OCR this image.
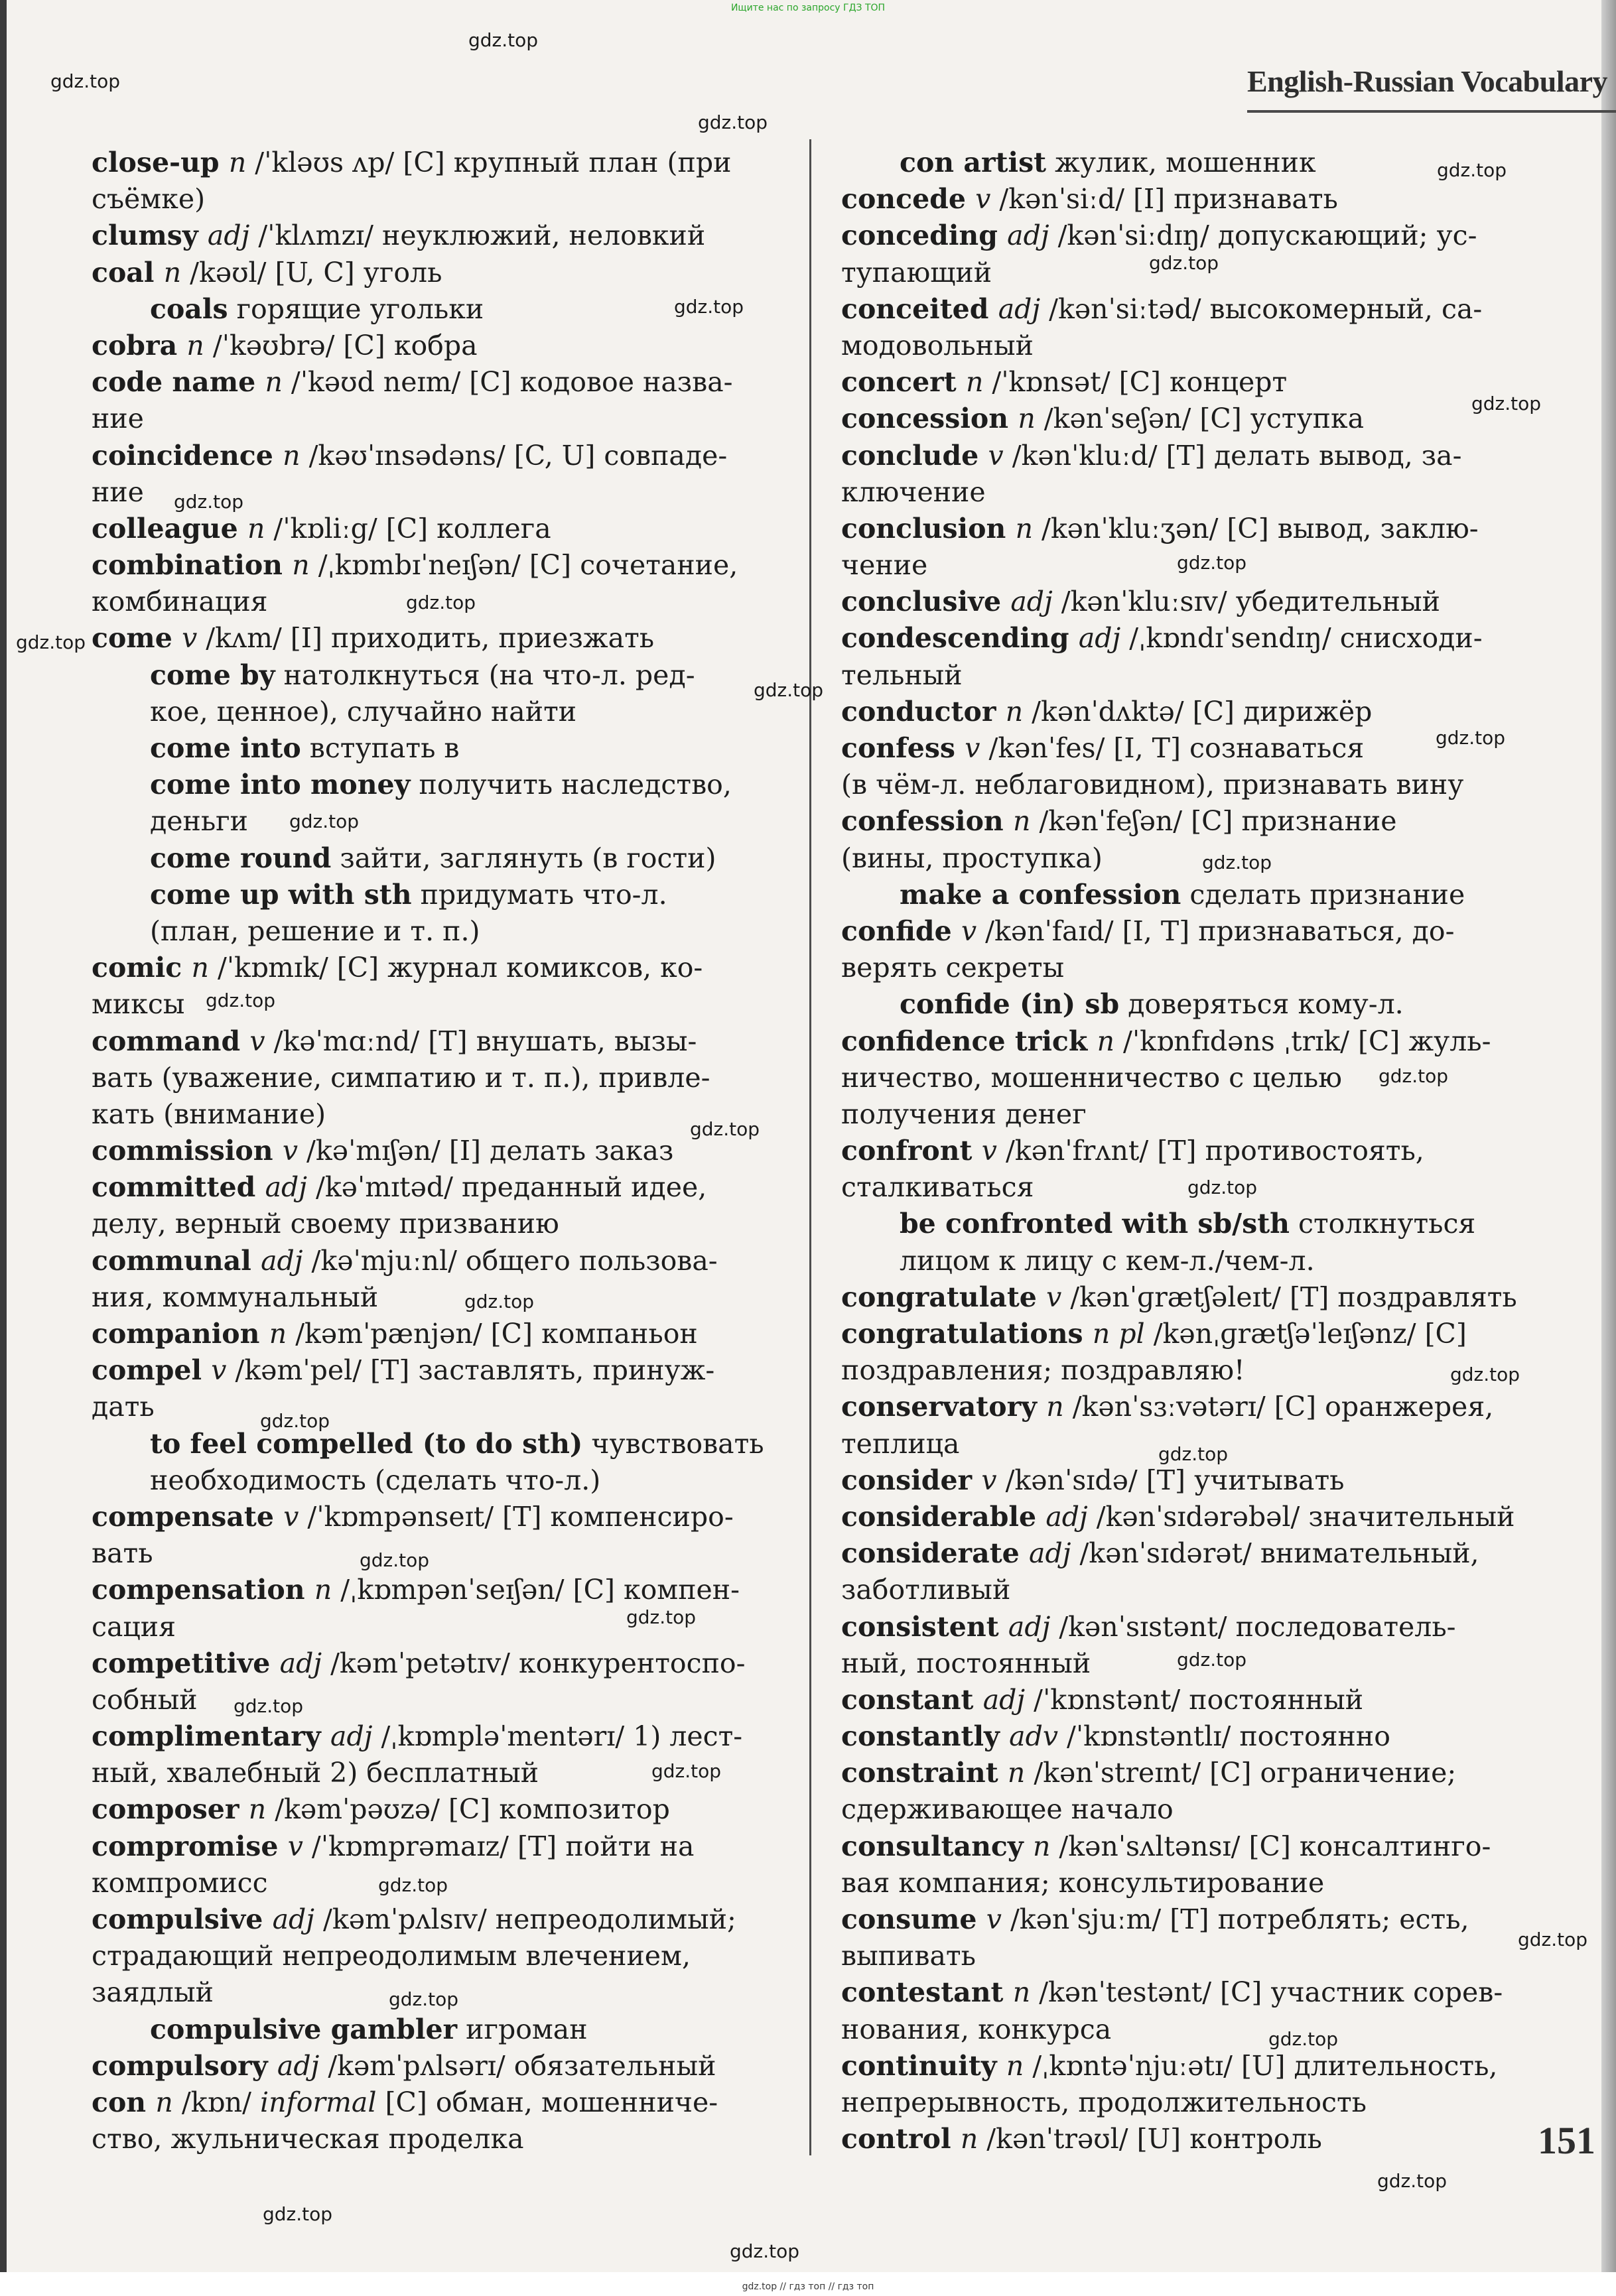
Ищите нас по запросу ГДЗ ТОП
English-Russian Vocabulary
close-up n /ˈkləʊs ʌp/ [C] крупный план (при
съёмке)
clumsy adj /ˈklʌmzɪ/ неуклюжий, неловкий
coal n /kəʊl/ [U, C] уголь
coals горящие угольки
cobra n /ˈkəʊbrə/ [C] кобра
code name n /ˈkəʊd neɪm/ [C] кодовое назва-
ние
coincidence n /kəʊˈɪnsədəns/ [C, U] совпаде-
ние
colleague n /ˈkɒliːg/ [C] коллега
combination n /ˌkɒmbɪˈneɪʃən/ [C] сочетание,
комбинация
come v /kʌm/ [I] приходить, приезжать
come by натолкнуться (на что-л. ред-
кое, ценное), случайно найти
come into вступать в
come into money получить наследство,
деньги
come round зайти, заглянуть (в гости)
come up with sth придумать что-л.
(план, решение и т. п.)
comic n /ˈkɒmɪk/ [C] журнал комиксов, ко-
миксы
command v /kəˈmɑːnd/ [T] внушать, вызы-
вать (уважение, симпатию и т. п.), привле-
кать (внимание)
commission v /kəˈmɪʃən/ [I] делать заказ
committed adj /kəˈmɪtəd/ преданный идее,
делу, верный своему призванию
communal adj /kəˈmjuːnl/ общего пользова-
ния, коммунальный
companion n /kəmˈpænjən/ [C] компаньон
compel v /kəmˈpel/ [T] заставлять, принуж-
дать
to feel compelled (to do sth) чувствовать
необходимость (сделать что-л.)
compensate v /ˈkɒmpənseɪt/ [T] компенсиро-
вать
compensation n /ˌkɒmpənˈseɪʃən/ [C] компен-
сация
competitive adj /kəmˈpetətɪv/ конкурентоспо-
собный
complimentary adj /ˌkɒmpləˈmentərɪ/ 1) лест-
ный, хвалебный 2) бесплатный
composer n /kəmˈpəʊzə/ [C] композитор
compromise v /ˈkɒmprəmaɪz/ [T] пойти на
компромисс
compulsive adj /kəmˈpʌlsɪv/ непреодолимый;
страдающий непреодолимым влечением,
заядлый
compulsive gambler игроман
compulsory adj /kəmˈpʌlsərɪ/ обязательный
con n /kɒn/ informal [C] обман, мошенниче-
ство, жульническая проделка
con artist жулик, мошенник
concede v /kənˈsiːd/ [I] признавать
conceding adj /kənˈsiːdɪŋ/ допускающий; ус-
тупающий
conceited adj /kənˈsiːtəd/ высокомерный, са-
модовольный
concert n /ˈkɒnsət/ [C] концерт
concession n /kənˈseʃən/ [C] уступка
conclude v /kənˈkluːd/ [T] делать вывод, за-
ключение
conclusion n /kənˈkluːʒən/ [C] вывод, заклю-
чение
conclusive adj /kənˈkluːsɪv/ убедительный
condescending adj /ˌkɒndɪˈsendɪŋ/ снисходи-
тельный
conductor n /kənˈdʌktə/ [C] дирижёр
confess v /kənˈfes/ [I, T] сознаваться
(в чём-л. неблаговидном), признавать вину
confession n /kənˈfeʃən/ [C] признание
(вины, проступка)
make a confession сделать признание
confide v /kənˈfaɪd/ [I, T] признаваться, до-
верять секреты
confide (in) sb доверяться кому-л.
confidence trick n /ˈkɒnfɪdəns ˌtrɪk/ [C] жуль-
ничество, мошенничество с целью
получения денег
confront v /kənˈfrʌnt/ [T] противостоять,
сталкиваться
be confronted with sb/sth столкнуться
лицом к лицу с кем-л./чем-л.
congratulate v /kənˈɡrætʃəleɪt/ [T] поздравлять
congratulations n pl /kənˌɡrætʃəˈleɪʃənz/ [C]
поздравления; поздравляю!
conservatory n /kənˈsɜːvətərɪ/ [C] оранжерея,
теплица
consider v /kənˈsɪdə/ [T] учитывать
considerable adj /kənˈsɪdərəbəl/ значительный
considerate adj /kənˈsɪdərət/ внимательный,
заботливый
consistent adj /kənˈsɪstənt/ последователь-
ный, постоянный
constant adj /ˈkɒnstənt/ постоянный
constantly adv /ˈkɒnstəntlɪ/ постоянно
constraint n /kənˈstreɪnt/ [C] ограничение;
сдерживающее начало
consultancy n /kənˈsʌltənsɪ/ [C] консалтинго-
вая компания; консультирование
consume v /kənˈsjuːm/ [T] потреблять; есть,
выпивать
contestant n /kənˈtestənt/ [C] участник сорев-
нования, конкурса
continuity n /ˌkɒntəˈnjuːətɪ/ [U] длительность,
непрерывность, продолжительность
control n /kənˈtrəʊl/ [U] контроль	151
gdz.top
gdz.top
gdz.top
gdz.top
gdz.top
gdz.top
gdz.top
gdz.top
gdz.top
gdz.top
gdz.top
gdz.top
gdz.top
gdz.top
gdz.top
gdz.top
gdz.top
gdz.top
gdz.top
gdz.top
gdz.top
gdz.top
gdz.top
gdz.top
gdz.top
gdz.top
gdz.top
gdz.top
gdz.top
gdz.top
gdz.top
gdz.top
gdz.top
gdz.top
gdz.top
gdz.top // гдз топ // гдз топ
